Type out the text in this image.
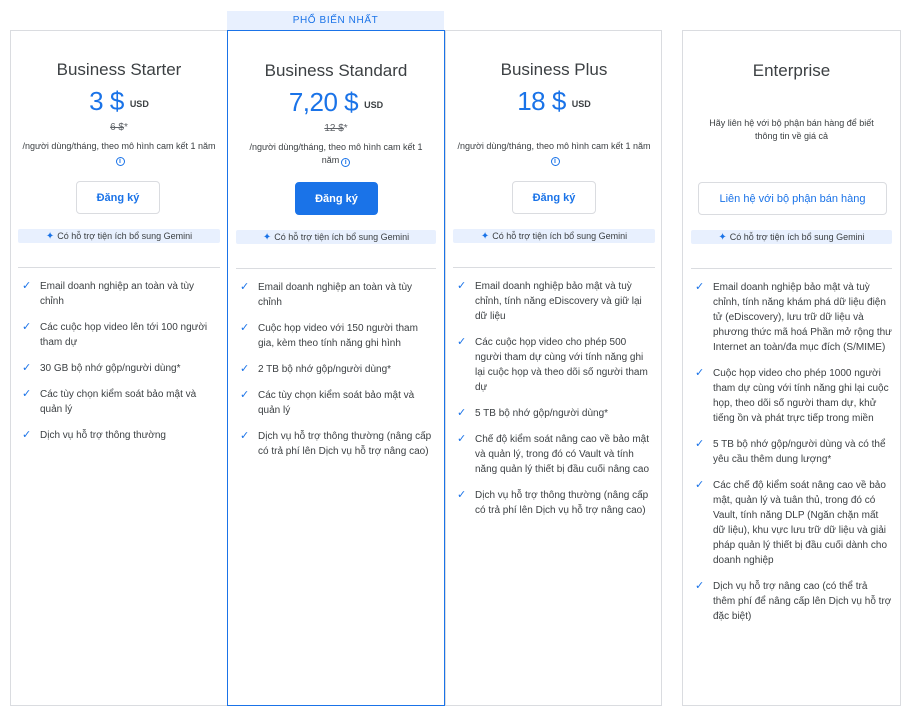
PHỔ BIẾN NHẤT
Business Starter
3 $ USD
6 $*
/người dùng/tháng, theo mô hình cam kết 1 nămi
Đăng ký
✦ Có hỗ trợ tiện ích bổ sung Gemini
✓ Email doanh nghiệp an toàn và tùy chỉnh
✓ Các cuộc họp video lên tới 100 người tham dự
✓ 30 GB bộ nhớ gộp/người dùng*
✓ Các tùy chọn kiểm soát bảo mật và quản lý
✓ Dịch vụ hỗ trợ thông thường
Business Standard
7,20 $ USD
12 $*
/người dùng/tháng, theo mô hình cam kết 1 năm i
Đăng ký
✦ Có hỗ trợ tiện ích bổ sung Gemini
✓ Email doanh nghiệp an toàn và tùy chỉnh
✓ Cuộc họp video với 150 người tham gia, kèm theo tính năng ghi hình
✓ 2 TB bộ nhớ gộp/người dùng*
✓ Các tùy chọn kiểm soát bảo mật và quản lý
✓ Dịch vụ hỗ trợ thông thường (nâng cấp có trả phí lên Dịch vụ hỗ trợ nâng cao)
Business Plus
18 $ USD
/người dùng/tháng, theo mô hình cam kết 1 nămi
Đăng ký
✦ Có hỗ trợ tiện ích bổ sung Gemini
✓ Email doanh nghiệp bảo mật và tuỳ chỉnh, tính năng eDiscovery và giữ lại dữ liệu
✓ Các cuộc họp video cho phép 500 người tham dự cùng với tính năng ghi lại cuộc họp và theo dõi số người tham dự
✓ 5 TB bộ nhớ gộp/người dùng*
✓ Chế độ kiểm soát nâng cao về bảo mật và quản lý, trong đó có Vault và tính năng quản lý thiết bị đầu cuối nâng cao
✓ Dịch vụ hỗ trợ thông thường (nâng cấp có trả phí lên Dịch vụ hỗ trợ nâng cao)
Enterprise
Hãy liên hệ với bộ phận bán hàng để biết thông tin về giá cả
Liên hệ với bộ phận bán hàng
✦ Có hỗ trợ tiện ích bổ sung Gemini
✓ Email doanh nghiệp bảo mật và tuỳ chỉnh, tính năng khám phá dữ liệu điện tử (eDiscovery), lưu trữ dữ liệu và phương thức mã hoá Phần mở rộng thư Internet an toàn/đa mục đích (S/MIME)
✓ Cuộc họp video cho phép 1000 người tham dự cùng với tính năng ghi lại cuộc họp, theo dõi số người tham dự, khử tiếng ồn và phát trực tiếp trong miền
✓ 5 TB bộ nhớ gộp/người dùng và có thể yêu cầu thêm dung lượng*
✓ Các chế độ kiểm soát nâng cao về bảo mật, quản lý và tuân thủ, trong đó có Vault, tính năng DLP (Ngăn chặn mất dữ liệu), khu vực lưu trữ dữ liệu và giải pháp quản lý thiết bị đầu cuối dành cho doanh nghiệp
✓ Dịch vụ hỗ trợ nâng cao (có thể trả thêm phí để nâng cấp lên Dịch vụ hỗ trợ đặc biệt)
